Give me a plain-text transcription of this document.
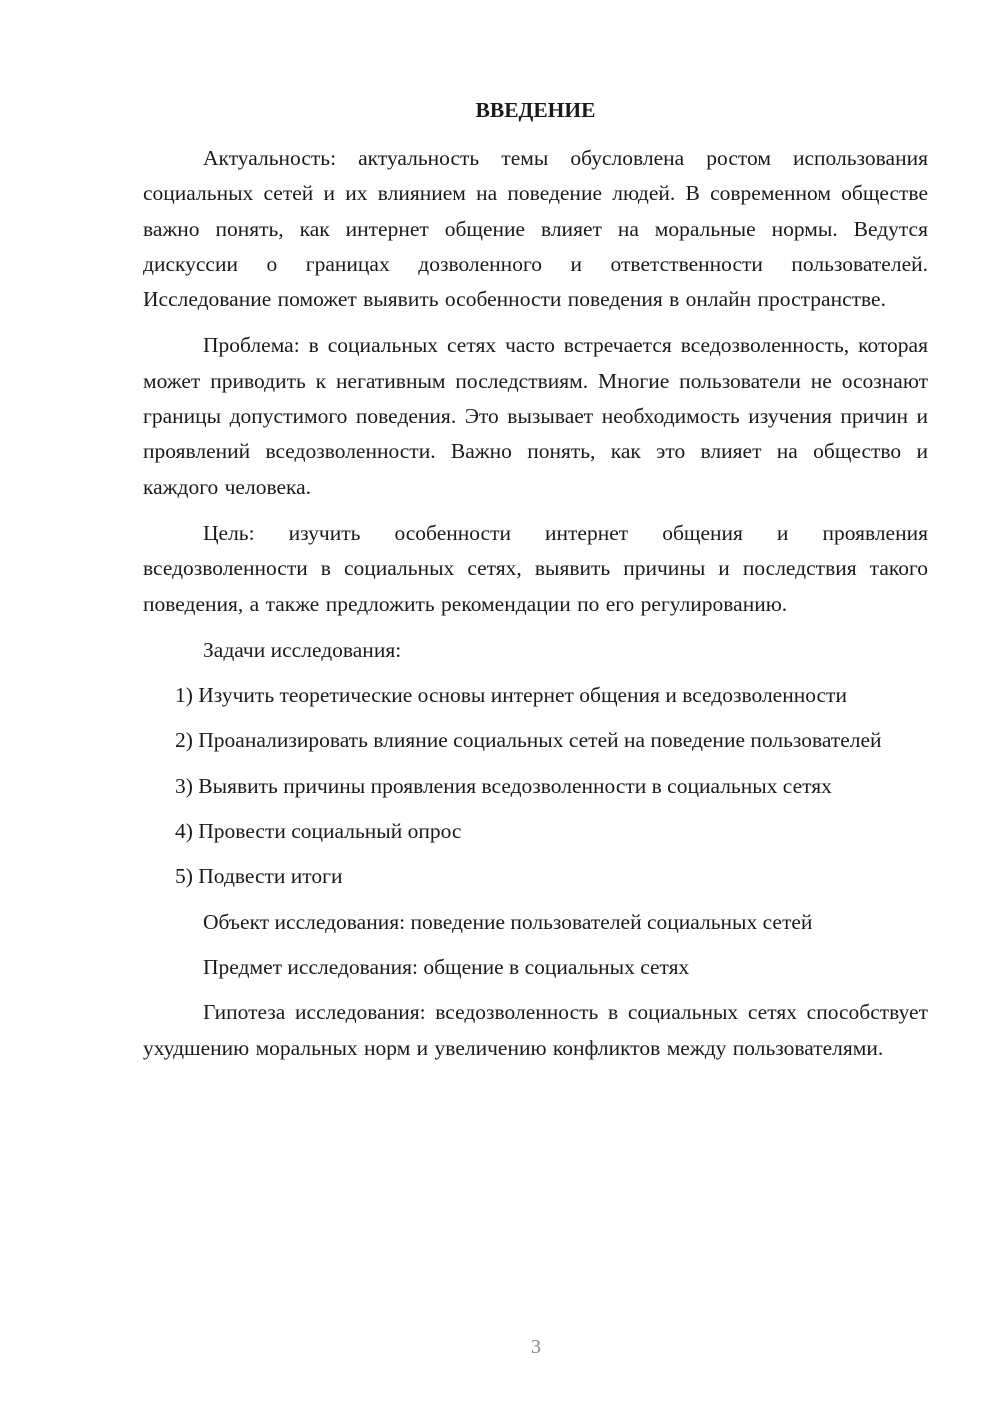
ВВЕДЕНИЕ

Актуальность: актуальность темы обусловлена ростом использования социальных сетей и их влиянием на поведение людей. В современном обществе важно понять, как интернет общение влияет на моральные нормы. Ведутся дискуссии о границах дозволенного и ответственности пользователей. Исследование поможет выявить особенности поведения в онлайн пространстве.

Проблема: в социальных сетях часто встречается вседозволенность, которая может приводить к негативным последствиям. Многие пользователи не осознают границы допустимого поведения. Это вызывает необходимость изучения причин и проявлений вседозволенности. Важно понять, как это влияет на общество и каждого человека.

Цель: изучить особенности интернет общения и проявления вседозволенности в социальных сетях, выявить причины и последствия такого поведения, а также предложить рекомендации по его регулированию.

Задачи исследования:

1) Изучить теоретические основы интернет общения и вседозволенности

2) Проанализировать влияние социальных сетей на поведение пользователей

3) Выявить причины проявления вседозволенности в социальных сетях

4) Провести социальный опрос

5) Подвести итоги

Объект исследования: поведение пользователей социальных сетей

Предмет исследования: общение в социальных сетях

Гипотеза исследования: вседозволенность в социальных сетях способствует ухудшению моральных норм и увеличению конфликтов между пользователями.

3
